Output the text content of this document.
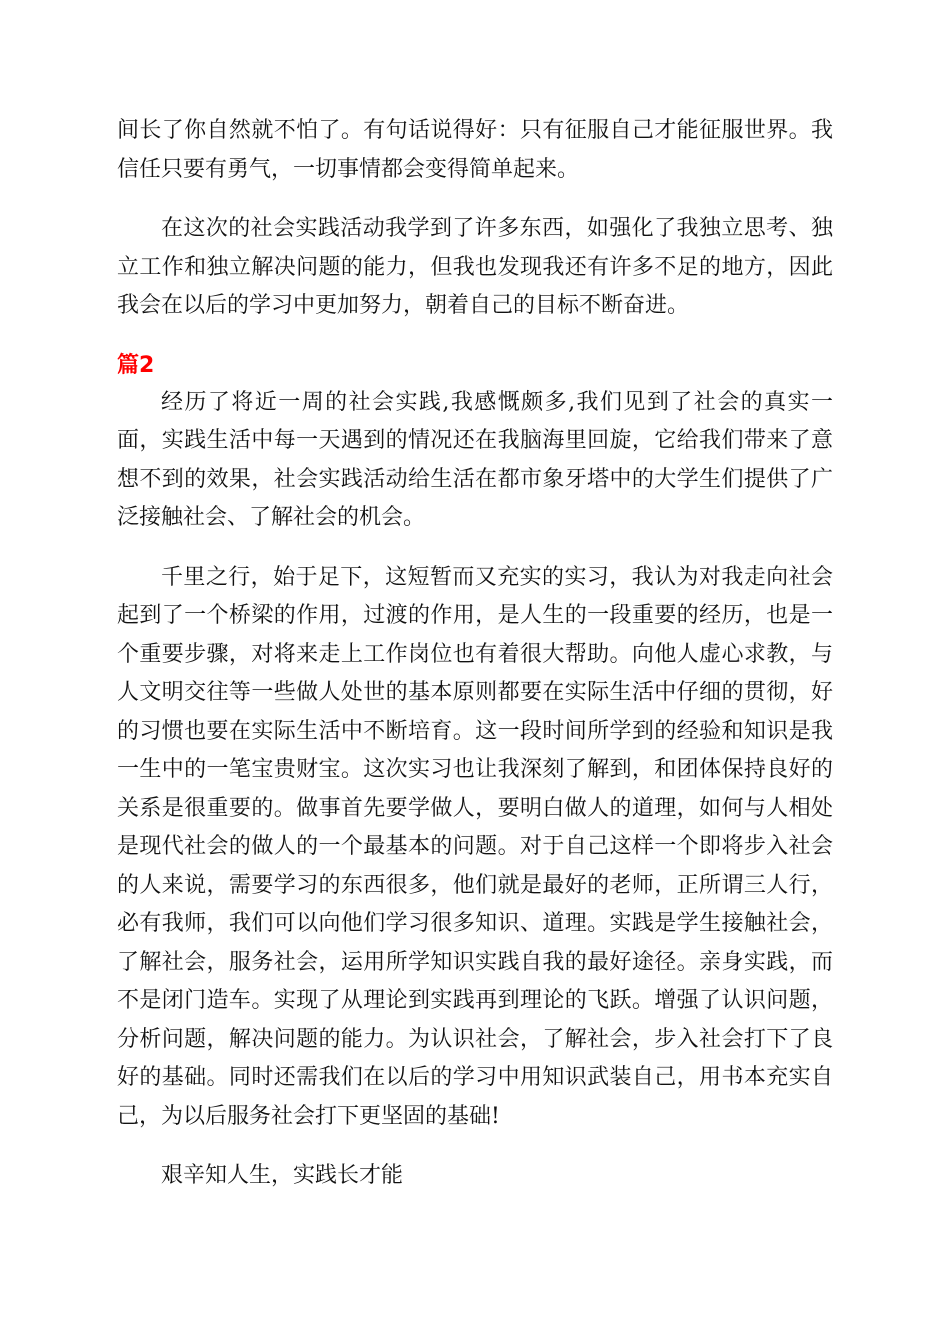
间长了你自然就不怕了。有句话说得好：只有征服自己才能征服世界。我信任只要有勇气，一切事情都会变得简单起来。

在这次的社会实践活动我学到了许多东西，如强化了我独立思考、独立工作和独立解决问题的能力，但我也发现我还有许多不足的地方，因此我会在以后的学习中更加努力，朝着自己的目标不断奋进。

篇2

经历了将近一周的社会实践,我感慨颇多,我们见到了社会的真实一面，实践生活中每一天遇到的情况还在我脑海里回旋，它给我们带来了意想不到的效果，社会实践活动给生活在都市象牙塔中的大学生们提供了广泛接触社会、了解社会的机会。

千里之行，始于足下，这短暂而又充实的实习，我认为对我走向社会起到了一个桥梁的作用，过渡的作用，是人生的一段重要的经历，也是一个重要步骤，对将来走上工作岗位也有着很大帮助。向他人虚心求教，与人文明交往等一些做人处世的基本原则都要在实际生活中仔细的贯彻，好的习惯也要在实际生活中不断培育。这一段时间所学到的经验和知识是我一生中的一笔宝贵财宝。这次实习也让我深刻了解到，和团体保持良好的关系是很重要的。做事首先要学做人，要明白做人的道理，如何与人相处是现代社会的做人的一个最基本的问题。对于自己这样一个即将步入社会的人来说，需要学习的东西很多，他们就是最好的老师，正所谓三人行，必有我师，我们可以向他们学习很多知识、道理。实践是学生接触社会，了解社会，服务社会，运用所学知识实践自我的最好途径。亲身实践，而不是闭门造车。实现了从理论到实践再到理论的飞跃。增强了认识问题，分析问题，解决问题的能力。为认识社会，了解社会，步入社会打下了良好的基础。同时还需我们在以后的学习中用知识武装自己，用书本充实自己，为以后服务社会打下更坚固的基础!

艰辛知人生，实践长才能
